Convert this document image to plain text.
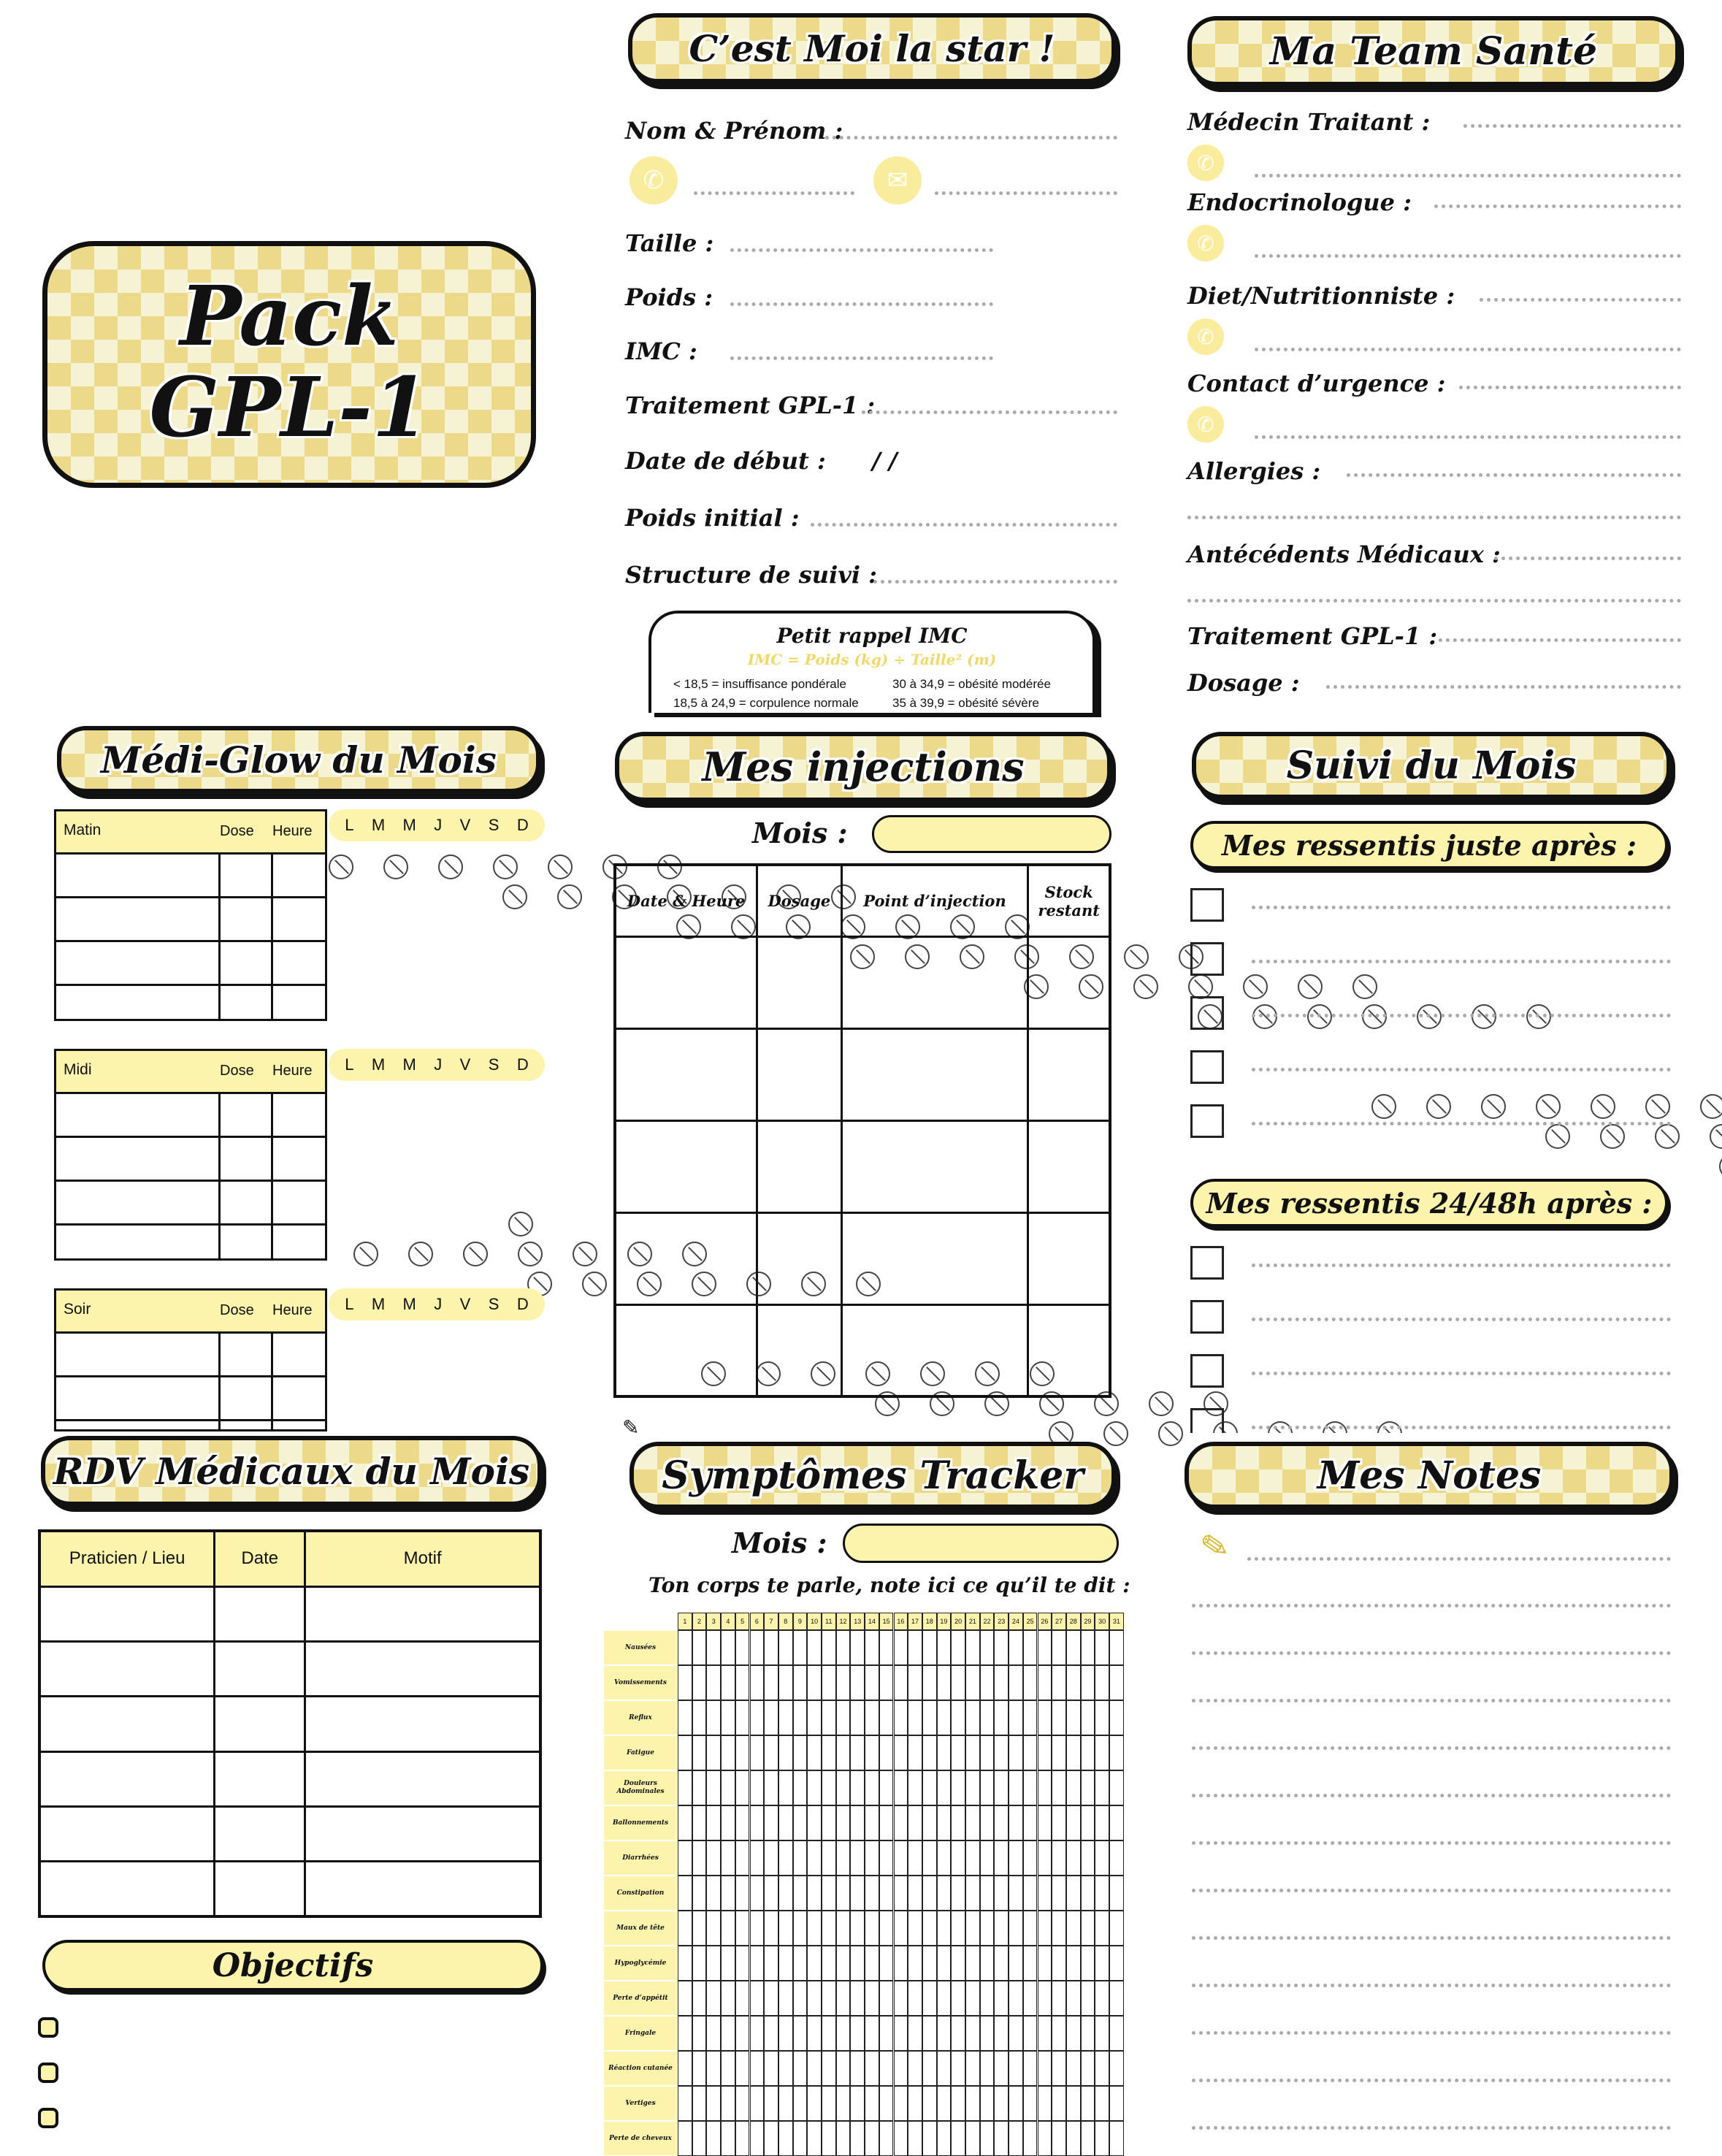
Pack
GPL-1
C’est Moi la star !
Nom & Prénom :
Taille :
Poids :
IMC :
Traitement GPL-1 :
Date de début : / /
Poids initial :
Structure de suivi :
✆	✉
Petit rappel IMC
IMC = Poids (kg) ÷ Taille² (m)
< 18,5 = insuffisance pondérale
18,5 à 24,9 = corpulence normale
30 à 34,9 = obésité modérée
35 à 39,9 = obésité sévère
Ma Team Santé
Médecin Traitant :
✆
Endocrinologue :
✆
Diet/Nutritionniste :
✆
Contact d’urgence :
✆
Allergies :
Antécédents Médicaux :
Traitement GPL-1 :
Dosage :
Médi-Glow du Mois
Matin	Dose Heure L M M J V S D
Midi	Dose Heure L M M J V S D
Soir	Dose Heure L M M J V S D
Mes injections
Mois :
Date & Heure	Dosage	Point d’injection	Stock restant

✎
Suivi du Mois
Mes ressentis juste après :
Mes ressentis 24/48h après :
RDV Médicaux du Mois
Praticien / Lieu	Date	Motif

Objectifs
Symptômes Tracker
Mois :
Ton corps te parle, note ici ce qu’il te dit :
1	2	3	4	5	6	7	8	9	10	11	12	13	14	15	16	17	18	19	20	21	22	23	24	25	26	27	28	29	30	31
Nausées
Vomissements
Reflux
Fatigue
Douleurs Abdominales
Ballonnements
Diarrhées
Constipation
Maux de tête
Hypoglycémie
Perte d’appétit
Fringale
Réaction cutanée
Vertiges
Perte de cheveux
Mes Notes
✎
